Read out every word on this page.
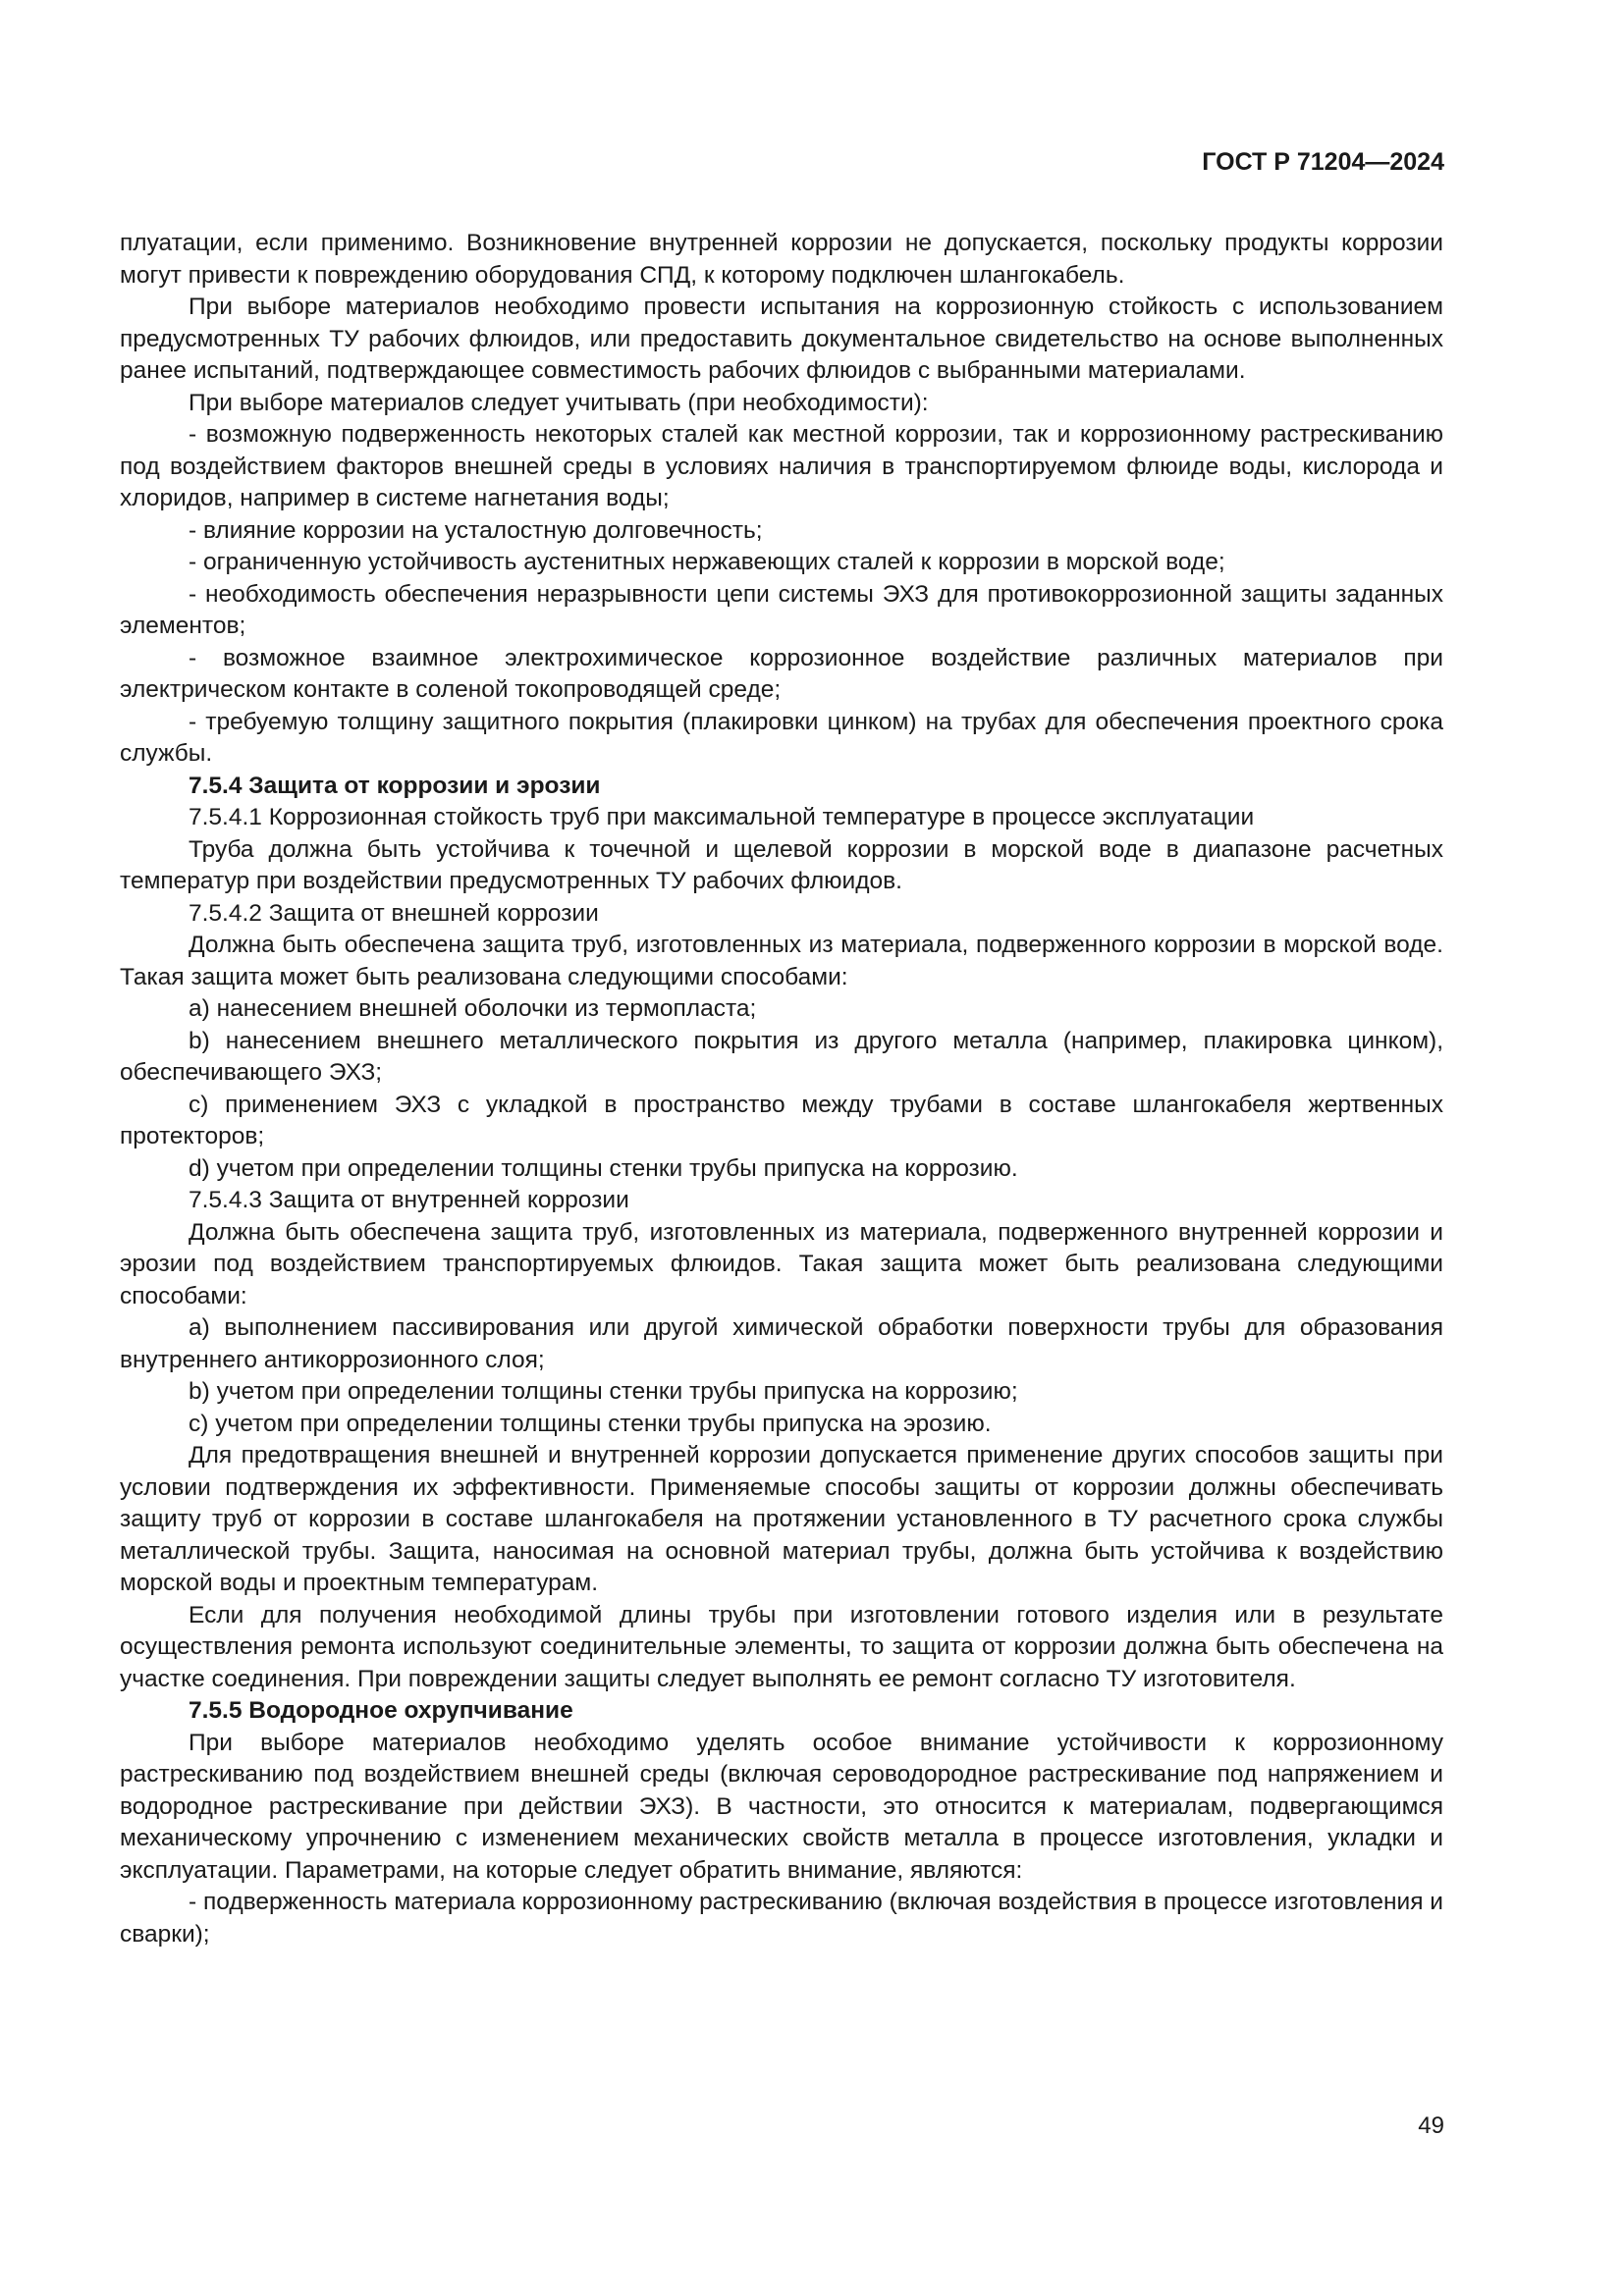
ГОСТ Р 71204—2024

плуатации, если применимо. Возникновение внутренней коррозии не допускается, поскольку продукты коррозии могут привести к повреждению оборудования СПД, к которому подключен шлангокабель.

При выборе материалов необходимо провести испытания на коррозионную стойкость с использованием предусмотренных ТУ рабочих флюидов, или предоставить документальное свидетельство на основе выполненных ранее испытаний, подтверждающее совместимость рабочих флюидов с выбранными материалами.

При выборе материалов следует учитывать (при необходимости):

- возможную подверженность некоторых сталей как местной коррозии, так и коррозионному растрескиванию под воздействием факторов внешней среды в условиях наличия в транспортируемом флюиде воды, кислорода и хлоридов, например в системе нагнетания воды;

- влияние коррозии на усталостную долговечность;

- ограниченную устойчивость аустенитных нержавеющих сталей к коррозии в морской воде;

- необходимость обеспечения неразрывности цепи системы ЭХЗ для противокоррозионной защиты заданных элементов;

- возможное взаимное электрохимическое коррозионное воздействие различных материалов при электрическом контакте в соленой токопроводящей среде;

- требуемую толщину защитного покрытия (плакировки цинком) на трубах для обеспечения проектного срока службы.

7.5.4 Защита от коррозии и эрозии

7.5.4.1 Коррозионная стойкость труб при максимальной температуре в процессе эксплуатации

Труба должна быть устойчива к точечной и щелевой коррозии в морской воде в диапазоне расчетных температур при воздействии предусмотренных ТУ рабочих флюидов.

7.5.4.2 Защита от внешней коррозии

Должна быть обеспечена защита труб, изготовленных из материала, подверженного коррозии в морской воде. Такая защита может быть реализована следующими способами:

а) нанесением внешней оболочки из термопласта;

b) нанесением внешнего металлического покрытия из другого металла (например, плакировка цинком), обеспечивающего ЭХЗ;

c) применением ЭХЗ с укладкой в пространство между трубами в составе шлангокабеля жертвенных протекторов;

d) учетом при определении толщины стенки трубы припуска на коррозию.

7.5.4.3 Защита от внутренней коррозии

Должна быть обеспечена защита труб, изготовленных из материала, подверженного внутренней коррозии и эрозии под воздействием транспортируемых флюидов. Такая защита может быть реализована следующими способами:

а) выполнением пассивирования или другой химической обработки поверхности трубы для образования внутреннего антикоррозионного слоя;

b) учетом при определении толщины стенки трубы припуска на коррозию;

c) учетом при определении толщины стенки трубы припуска на эрозию.

Для предотвращения внешней и внутренней коррозии допускается применение других способов защиты при условии подтверждения их эффективности. Применяемые способы защиты от коррозии должны обеспечивать защиту труб от коррозии в составе шлангокабеля на протяжении установленного в ТУ расчетного срока службы металлической трубы. Защита, наносимая на основной материал трубы, должна быть устойчива к воздействию морской воды и проектным температурам.

Если для получения необходимой длины трубы при изготовлении готового изделия или в результате осуществления ремонта используют соединительные элементы, то защита от коррозии должна быть обеспечена на участке соединения. При повреждении защиты следует выполнять ее ремонт согласно ТУ изготовителя.

7.5.5 Водородное охрупчивание

При выборе материалов необходимо уделять особое внимание устойчивости к коррозионному растрескиванию под воздействием внешней среды (включая сероводородное растрескивание под напряжением и водородное растрескивание при действии ЭХЗ). В частности, это относится к материалам, подвергающимся механическому упрочнению с изменением механических свойств металла в процессе изготовления, укладки и эксплуатации. Параметрами, на которые следует обратить внимание, являются:

- подверженность материала коррозионному растрескиванию (включая воздействия в процессе изготовления и сварки);

49
